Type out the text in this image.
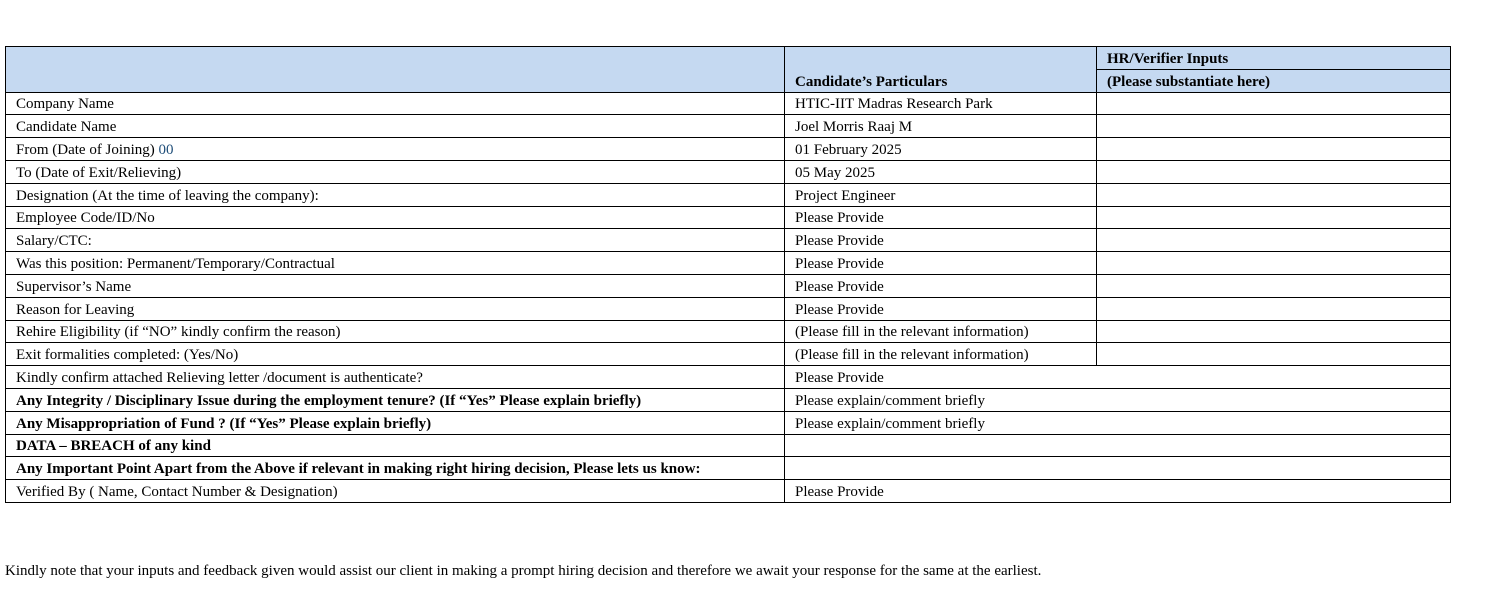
	Candidate’s Particulars	HR/Verifier Inputs
		(Please substantiate here)
Company Name	HTIC-IIT Madras Research Park	
Candidate Name	Joel Morris Raaj M	
From (Date of Joining) 00	01 February 2025	
To (Date of Exit/Relieving)	05 May 2025	
Designation (At the time of leaving the company):	Project Engineer	
Employee Code/ID/No	Please Provide	
Salary/CTC:	Please Provide	
Was this position: Permanent/Temporary/Contractual	Please Provide	
Supervisor’s Name	Please Provide	
Reason for Leaving	Please Provide	
Rehire Eligibility (if “NO” kindly confirm the reason)	(Please fill in the relevant information)	
Exit formalities completed: (Yes/No)	(Please fill in the relevant information)	
Kindly confirm attached Relieving letter /document is authenticate?	Please Provide	
Any Integrity / Disciplinary Issue during the employment tenure? (If “Yes” Please explain briefly)	Please explain/comment briefly	
Any Misappropriation of Fund ? (If “Yes” Please explain briefly)	Please explain/comment briefly	
DATA – BREACH of any kind		
Any Important Point Apart from the Above if relevant in making right hiring decision, Please lets us know:		
Verified By ( Name, Contact Number & Designation)	Please Provide	

Kindly note that your inputs and feedback given would assist our client in making a prompt hiring decision and therefore we await your response for the same at the earliest.
